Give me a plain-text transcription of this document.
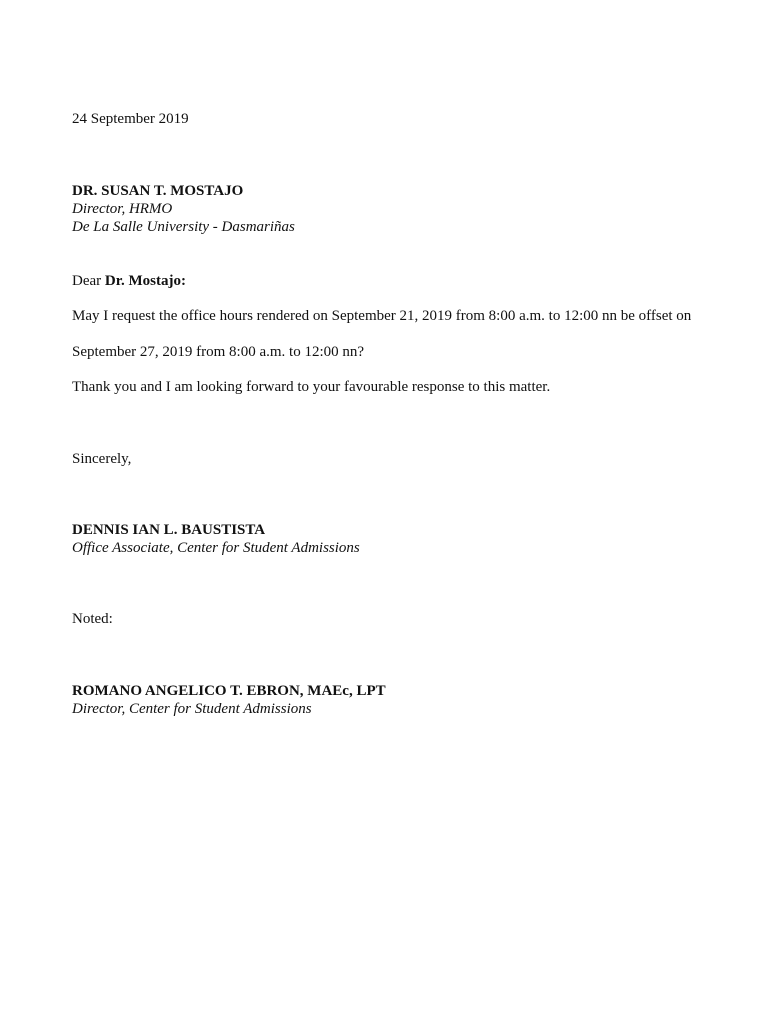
24 September 2019
DR. SUSAN T. MOSTAJO
Director, HRMO
De La Salle University - Dasmariñas
Dear Dr. Mostajo:
May I request the office hours rendered on September 21, 2019 from 8:00 a.m. to 12:00 nn be offset on
September 27, 2019 from 8:00 a.m. to 12:00 nn?
Thank you and I am looking forward to your favourable response to this matter.
Sincerely,
DENNIS IAN L. BAUSTISTA
Office Associate, Center for Student Admissions
Noted:
ROMANO ANGELICO T. EBRON, MAEc, LPT
Director, Center for Student Admissions
